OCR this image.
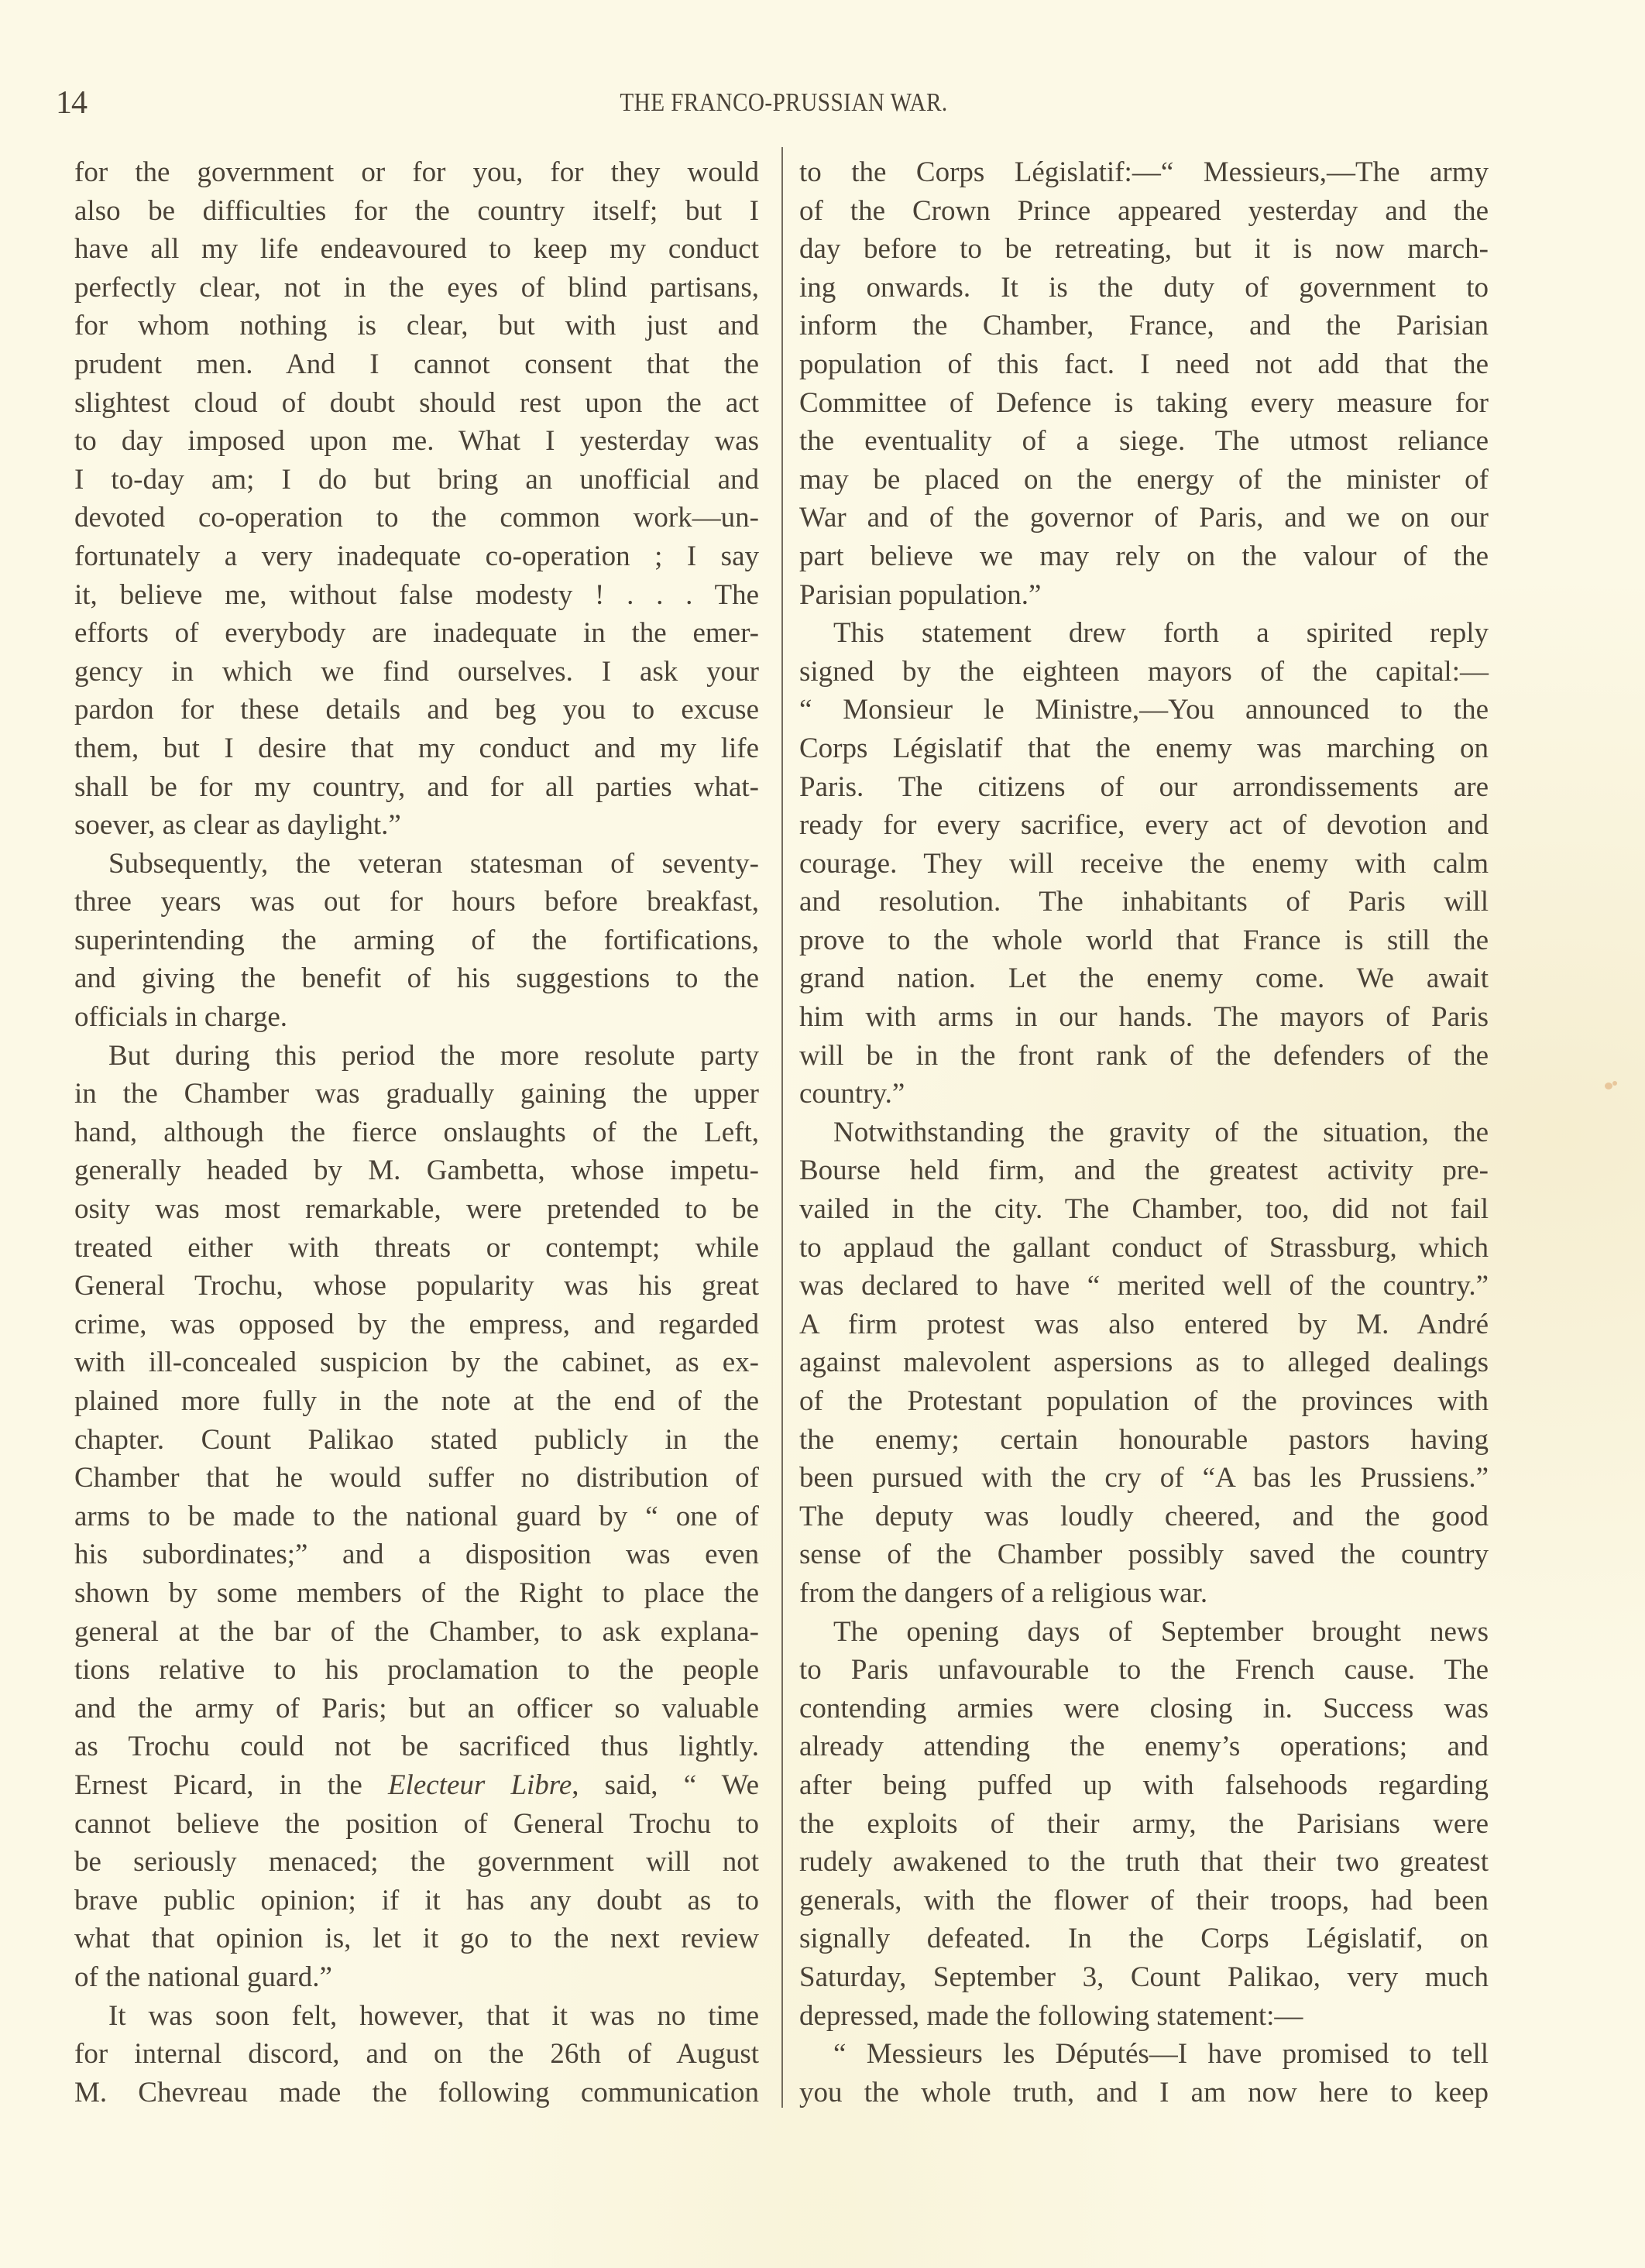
14	THE FRANCO-PRUSSIAN WAR.
for the government or for you, for they would
also be difficulties for the country itself; but I
have all my life endeavoured to keep my conduct
perfectly clear, not in the eyes of blind partisans,
for whom nothing is clear, but with just and
prudent men. And I cannot consent that the
slightest cloud of doubt should rest upon the act
to day imposed upon me. What I yesterday was
I to-day am; I do but bring an unofficial and
devoted co-operation to the common work—un-
fortunately a very inadequate co-operation ; I say
it, believe me, without false modesty ! . . . The
efforts of everybody are inadequate in the emer-
gency in which we find ourselves. I ask your
pardon for these details and beg you to excuse
them, but I desire that my conduct and my life
shall be for my country, and for all parties what-
soever, as clear as daylight.”
Subsequently, the veteran statesman of seventy-
three years was out for hours before breakfast,
superintending the arming of the fortifications,
and giving the benefit of his suggestions to the
officials in charge.
But during this period the more resolute party
in the Chamber was gradually gaining the upper
hand, although the fierce onslaughts of the Left,
generally headed by M. Gambetta, whose impetu-
osity was most remarkable, were pretended to be
treated either with threats or contempt; while
General Trochu, whose popularity was his great
crime, was opposed by the empress, and regarded
with ill-concealed suspicion by the cabinet, as ex-
plained more fully in the note at the end of the
chapter. Count Palikao stated publicly in the
Chamber that he would suffer no distribution of
arms to be made to the national guard by “ one of
his subordinates;” and a disposition was even
shown by some members of the Right to place the
general at the bar of the Chamber, to ask explana-
tions relative to his proclamation to the people
and the army of Paris; but an officer so valuable
as Trochu could not be sacrificed thus lightly.
Ernest Picard, in the Electeur Libre, said, “ We
cannot believe the position of General Trochu to
be seriously menaced; the government will not
brave public opinion; if it has any doubt as to
what that opinion is, let it go to the next review
of the national guard.”
It was soon felt, however, that it was no time
for internal discord, and on the 26th of August
M. Chevreau made the following communication
to the Corps Législatif:—“ Messieurs,—The army
of the Crown Prince appeared yesterday and the
day before to be retreating, but it is now march-
ing onwards. It is the duty of government to
inform the Chamber, France, and the Parisian
population of this fact. I need not add that the
Committee of Defence is taking every measure for
the eventuality of a siege. The utmost reliance
may be placed on the energy of the minister of
War and of the governor of Paris, and we on our
part believe we may rely on the valour of the
Parisian population.”
This statement drew forth a spirited reply
signed by the eighteen mayors of the capital:—
“ Monsieur le Ministre,—You announced to the
Corps Législatif that the enemy was marching on
Paris. The citizens of our arrondissements are
ready for every sacrifice, every act of devotion and
courage. They will receive the enemy with calm
and resolution. The inhabitants of Paris will
prove to the whole world that France is still the
grand nation. Let the enemy come. We await
him with arms in our hands. The mayors of Paris
will be in the front rank of the defenders of the
country.”
Notwithstanding the gravity of the situation, the
Bourse held firm, and the greatest activity pre-
vailed in the city. The Chamber, too, did not fail
to applaud the gallant conduct of Strassburg, which
was declared to have “ merited well of the country.”
A firm protest was also entered by M. André
against malevolent aspersions as to alleged dealings
of the Protestant population of the provinces with
the enemy; certain honourable pastors having
been pursued with the cry of “A bas les Prussiens.”
The deputy was loudly cheered, and the good
sense of the Chamber possibly saved the country
from the dangers of a religious war.
The opening days of September brought news
to Paris unfavourable to the French cause. The
contending armies were closing in. Success was
already attending the enemy’s operations; and
after being puffed up with falsehoods regarding
the exploits of their army, the Parisians were
rudely awakened to the truth that their two greatest
generals, with the flower of their troops, had been
signally defeated. In the Corps Législatif, on
Saturday, September 3, Count Palikao, very much
depressed, made the following statement:—
“ Messieurs les Députés—I have promised to tell
you the whole truth, and I am now here to keep
